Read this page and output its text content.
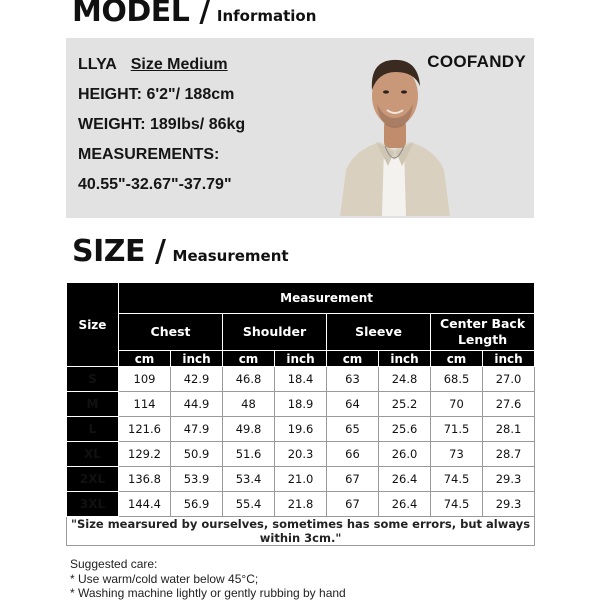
MODEL / Information
LLYA Size Medium
HEIGHT: 6'2"/ 188cm
WEIGHT: 189lbs/ 86kg
MEASUREMENTS:
40.55"-32.67"-37.79"
COOFANDY
SIZE / Measurement
Size	Measurement							
	Chest		Shoulder		Sleeve		Center Back Length	
	cm	inch	cm	inch	cm	inch	cm	inch
S	109	42.9	46.8	18.4	63	24.8	68.5	27.0
M	114	44.9	48	18.9	64	25.2	70	27.6
L	121.6	47.9	49.8	19.6	65	25.6	71.5	28.1
XL	129.2	50.9	51.6	20.3	66	26.0	73	28.7
2XL	136.8	53.9	53.4	21.0	67	26.4	74.5	29.3
3XL	144.4	56.9	55.4	21.8	67	26.4	74.5	29.3
"Size mearsured by ourselves, sometimes has some errors, but always within 3cm."								
Suggested care:
* Use warm/cold water below 45°C;
* Washing machine lightly or gently rubbing by hand
